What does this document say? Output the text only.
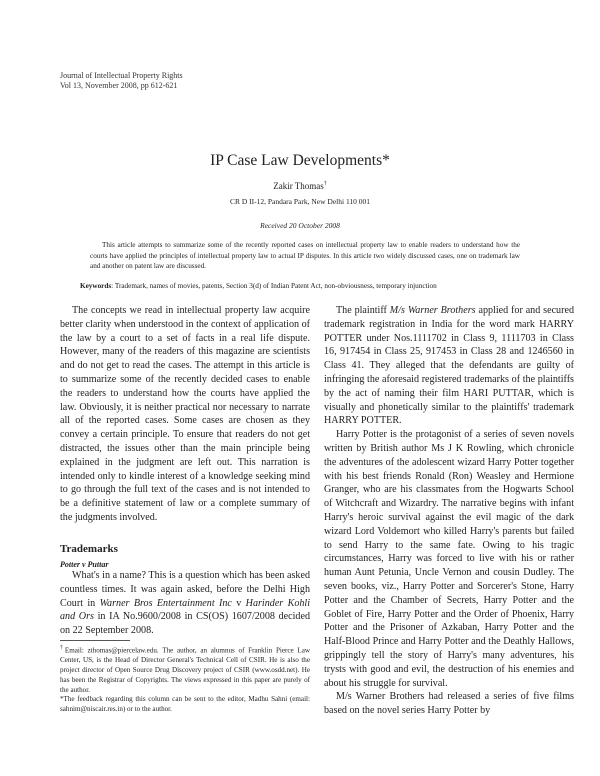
Journal of Intellectual Property Rights
Vol 13, November 2008, pp 612-621
IP Case Law Developments*
Zakir Thomas†
CR D II-12, Pandara Park, New Delhi 110 001
Received 20 October 2008
This article attempts to summarize some of the recently reported cases on intellectual property law to enable readers to understand how the courts have applied the principles of intellectual property law to actual IP disputes. In this article two widely discussed cases, one on trademark law and another on patent law are discussed.
Keywords: Trademark, names of movies, patents, Section 3(d) of Indian Patent Act, non-obviousness, temporary injunction

The concepts we read in intellectual property law acquire better clarity when understood in the context of application of the law by a court to a set of facts in a real life dispute. However, many of the readers of this magazine are scientists and do not get to read the cases. The attempt in this article is to summarize some of the recently decided cases to enable the readers to understand how the courts have applied the law. Obviously, it is neither practical nor necessary to narrate all of the reported cases. Some cases are chosen as they convey a certain principle. To ensure that readers do not get distracted, the issues other than the main principle being explained in the judgment are left out. This narration is intended only to kindle interest of a knowledge seeking mind to go through the full text of the cases and is not intended to be a definitive statement of law or a complete summary of the judgments involved.

Trademarks
Potter v Puttar

What's in a name? This is a question which has been asked countless times. It was again asked, before the Delhi High Court in Warner Bros Entertainment Inc v Harinder Kohli and Ors in IA No.9600/2008 in CS(OS) 1607/2008 decided on 22 September 2008.

†Email: zthomas@piercelaw.edu. The author, an alumnus of Franklin Pierce Law Center, US, is the Head of Director General's Technical Cell of CSIR. He is also the project director of Open Source Drug Discovery project of CSIR (www.osdd.net). He has been the Registrar of Copyrights. The views expressed in this paper are purely of the author.

*The feedback regarding this column can be sent to the editor, Madhu Sahni (email: sahnim@niscair.res.in) or to the author.

The plaintiff M/s Warner Brothers applied for and secured trademark registration in India for the word mark HARRY POTTER under Nos.1111702 in Class 9, 1111703 in Class 16, 917454 in Class 25, 917453 in Class 28 and 1246560 in Class 41. They alleged that the defendants are guilty of infringing the aforesaid registered trademarks of the plaintiffs by the act of naming their film HARI PUTTAR, which is visually and phonetically similar to the plaintiffs' trademark HARRY POTTER.

Harry Potter is the protagonist of a series of seven novels written by British author Ms J K Rowling, which chronicle the adventures of the adolescent wizard Harry Potter together with his best friends Ronald (Ron) Weasley and Hermione Granger, who are his classmates from the Hogwarts School of Witchcraft and Wizardry. The narrative begins with infant Harry's heroic survival against the evil magic of the dark wizard Lord Voldemort who killed Harry's parents but failed to send Harry to the same fate. Owing to his tragic circumstances, Harry was forced to live with his or rather human Aunt Petunia, Uncle Vernon and cousin Dudley. The seven books, viz., Harry Potter and Sorcerer's Stone, Harry Potter and the Chamber of Secrets, Harry Potter and the Goblet of Fire, Harry Potter and the Order of Phoenix, Harry Potter and the Prisoner of Azkaban, Harry Potter and the Half-Blood Prince and Harry Potter and the Deathly Hallows, grippingly tell the story of Harry's many adventures, his trysts with good and evil, the destruction of his enemies and about his struggle for survival.

M/s Warner Brothers had released a series of five films based on the novel series Harry Potter by
